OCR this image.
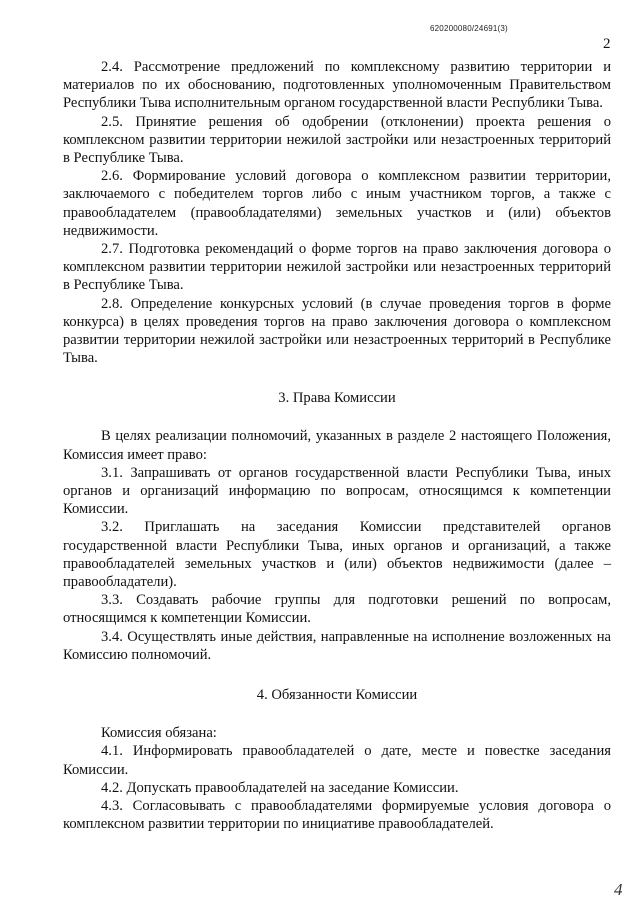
620200080/24691(3)
2

2.4. Рассмотрение предложений по комплексному развитию территории и материалов по их обоснованию, подготовленных уполномоченным Правительством Республики Тыва исполнительным органом государственной власти Республики Тыва.

2.5. Принятие решения об одобрении (отклонении) проекта решения о комплексном развитии территории нежилой застройки или незастроенных территорий в Республике Тыва.

2.6. Формирование условий договора о комплексном развитии территории, заключаемого с победителем торгов либо с иным участником торгов, а также с правообладателем (правообладателями) земельных участков и (или) объектов недвижимости.

2.7. Подготовка рекомендаций о форме торгов на право заключения договора о комплексном развитии территории нежилой застройки или незастроенных территорий в Республике Тыва.

2.8. Определение конкурсных условий (в случае проведения торгов в форме конкурса) в целях проведения торгов на право заключения договора о комплексном развитии территории нежилой застройки или незастроенных территорий в Республике Тыва.

3. Права Комиссии

В целях реализации полномочий, указанных в разделе 2 настоящего Положения, Комиссия имеет право:

3.1. Запрашивать от органов государственной власти Республики Тыва, иных органов и организаций информацию по вопросам, относящимся к компетенции Комиссии.

3.2. Приглашать на заседания Комиссии представителей органов государственной власти Республики Тыва, иных органов и организаций, а также правообладателей земельных участков и (или) объектов недвижимости (далее – правообладатели).

3.3. Создавать рабочие группы для подготовки решений по вопросам, относящимся к компетенции Комиссии.

3.4. Осуществлять иные действия, направленные на исполнение возложенных на Комиссию полномочий.

4. Обязанности Комиссии

Комиссия обязана:

4.1. Информировать правообладателей о дате, месте и повестке заседания Комиссии.

4.2. Допускать правообладателей на заседание Комиссии.

4.3. Согласовывать с правообладателями формируемые условия договора о комплексном развитии территории по инициативе правообладателей.

4
